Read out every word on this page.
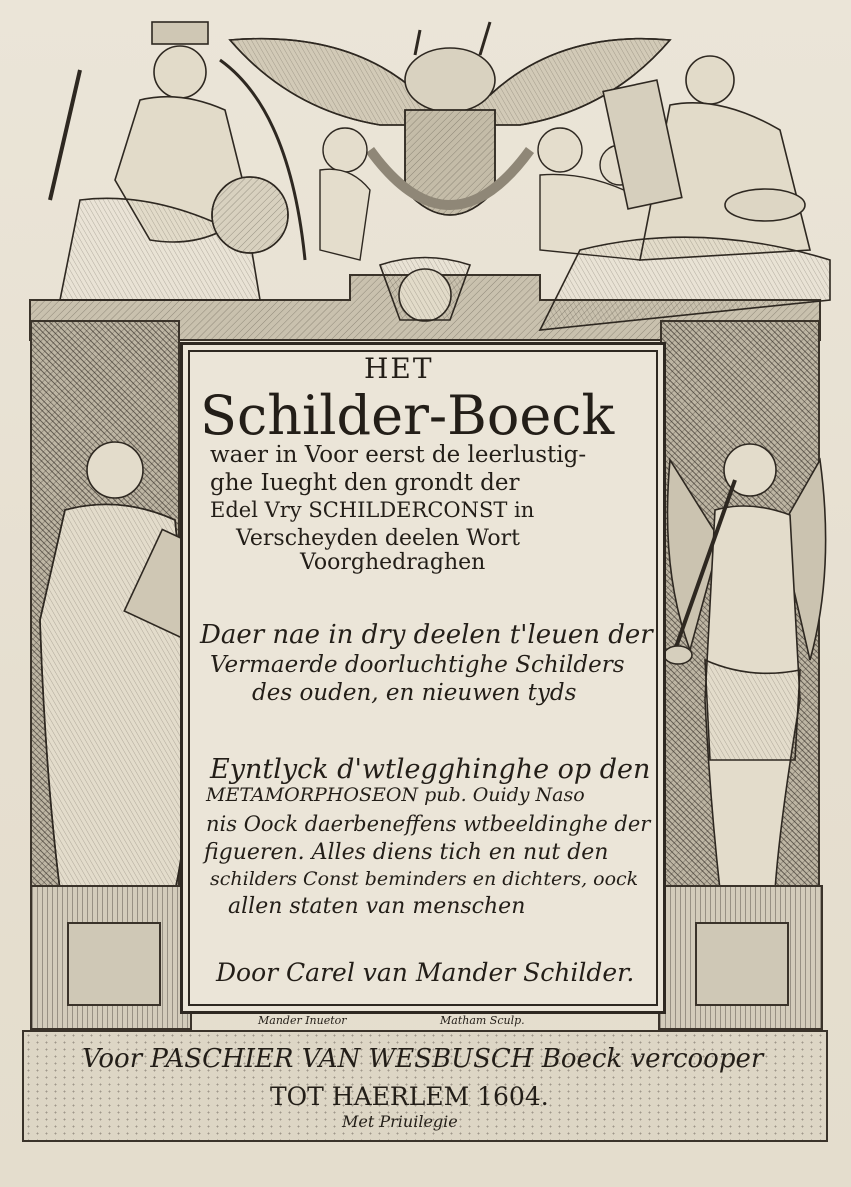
HET
Schilder-Boeck
waer in Voor eerst de leerlustig-
ghe Iueght den grondt der
Edel Vry SCHILDERCONST in
Verscheyden deelen Wort
Voorghedraghen
Daer nae in dry deelen t'leuen der
Vermaerde doorluchtighe Schilders
des ouden, en nieuwen tyds
Eyntlyck d'wtlegghinghe op den
METAMORPHOSEON pub. Ouidy Naso
nis Oock daerbeneffens wtbeeldinghe der
figueren. Alles diens tich en nut den
schilders Const beminders en dichters, oock
allen staten van menschen
Door Carel van Mander Schilder.
Mander Inuetor	Matham Sculp.
Voor PASCHIER VAN WESBUSCH Boeck vercooper
TOT HAERLEM 1604.
Met Priuilegie
